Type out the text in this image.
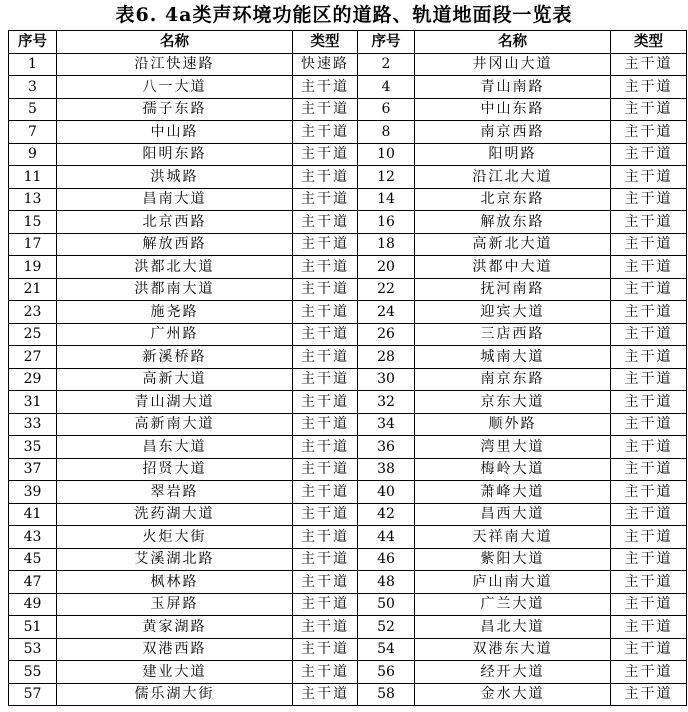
表6. 4a类声环境功能区的道路、轨道地面段一览表
序号	名称	类型	序号	名称	类型
1	沿江快速路	快速路	2	井冈山大道	主干道
3	八一大道	主干道	4	青山南路	主干道
5	孺子东路	主干道	6	中山东路	主干道
7	中山路	主干道	8	南京西路	主干道
9	阳明东路	主干道	10	阳明路	主干道
11	洪城路	主干道	12	沿江北大道	主干道
13	昌南大道	主干道	14	北京东路	主干道
15	北京西路	主干道	16	解放东路	主干道
17	解放西路	主干道	18	高新北大道	主干道
19	洪都北大道	主干道	20	洪都中大道	主干道
21	洪都南大道	主干道	22	抚河南路	主干道
23	施尧路	主干道	24	迎宾大道	主干道
25	广州路	主干道	26	三店西路	主干道
27	新溪桥路	主干道	28	城南大道	主干道
29	高新大道	主干道	30	南京东路	主干道
31	青山湖大道	主干道	32	京东大道	主干道
33	高新南大道	主干道	34	顺外路	主干道
35	昌东大道	主干道	36	湾里大道	主干道
37	招贤大道	主干道	38	梅岭大道	主干道
39	翠岩路	主干道	40	萧峰大道	主干道
41	洗药湖大道	主干道	42	昌西大道	主干道
43	火炬大街	主干道	44	天祥南大道	主干道
45	艾溪湖北路	主干道	46	紫阳大道	主干道
47	枫林路	主干道	48	庐山南大道	主干道
49	玉屏路	主干道	50	广兰大道	主干道
51	黄家湖路	主干道	52	昌北大道	主干道
53	双港西路	主干道	54	双港东大道	主干道
55	建业大道	主干道	56	经开大道	主干道
57	儒乐湖大街	主干道	58	金水大道	主干道
